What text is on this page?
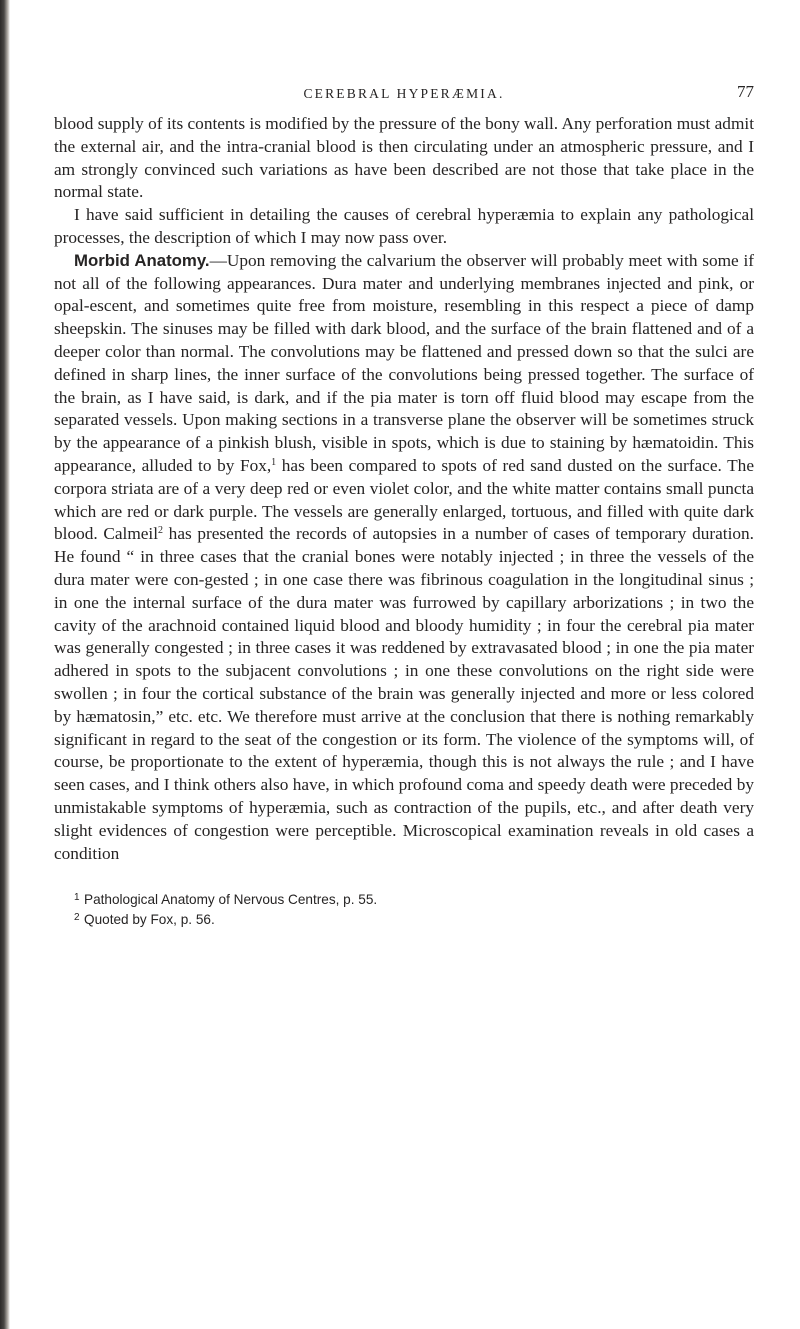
CEREBRAL HYPERÆMIA.	77

blood supply of its contents is modified by the pressure of the bony wall. Any perforation must admit the external air, and the intra-cranial blood is then circulating under an atmospheric pressure, and I am strongly convinced such variations as have been described are not those that take place in the normal state.

I have said sufficient in detailing the causes of cerebral hyperæmia to explain any pathological processes, the description of which I may now pass over.

Morbid Anatomy.—Upon removing the calvarium the observer will probably meet with some if not all of the following appearances. Dura mater and underlying membranes injected and pink, or opal-escent, and sometimes quite free from moisture, resembling in this respect a piece of damp sheepskin. The sinuses may be filled with dark blood, and the surface of the brain flattened and of a deeper color than normal. The convolutions may be flattened and pressed down so that the sulci are defined in sharp lines, the inner surface of the convolutions being pressed together. The surface of the brain, as I have said, is dark, and if the pia mater is torn off fluid blood may escape from the separated vessels. Upon making sections in a transverse plane the observer will be sometimes struck by the appearance of a pinkish blush, visible in spots, which is due to staining by hæmatoidin. This appearance, alluded to by Fox,$^1$ has been compared to spots of red sand dusted on the surface. The corpora striata are of a very deep red or even violet color, and the white matter contains small puncta which are red or dark purple. The vessels are generally enlarged, tortuous, and filled with quite dark blood. Calmeil$^2$ has presented the records of autopsies in a number of cases of temporary duration. He found “ in three cases that the cranial bones were notably injected ; in three the vessels of the dura mater were con-gested ; in one case there was fibrinous coagulation in the longitudinal sinus ; in one the internal surface of the dura mater was furrowed by capillary arborizations ; in two the cavity of the arachnoid contained liquid blood and bloody humidity ; in four the cerebral pia mater was generally congested ; in three cases it was reddened by extravasated blood ; in one the pia mater adhered in spots to the subjacent convolutions ; in one these convolutions on the right side were swollen ; in four the cortical substance of the brain was generally injected and more or less colored by hæmatosin,” etc. etc. We therefore must arrive at the conclusion that there is nothing remarkably significant in regard to the seat of the congestion or its form. The violence of the symptoms will, of course, be proportionate to the extent of hyperæmia, though this is not always the rule ; and I have seen cases, and I think others also have, in which profound coma and speedy death were preceded by unmistakable symptoms of hyperæmia, such as contraction of the pupils, etc., and after death very slight evidences of congestion were perceptible. Microscopical examination reveals in old cases a condition

1 Pathological Anatomy of Nervous Centres, p. 55.
2 Quoted by Fox, p. 56.
